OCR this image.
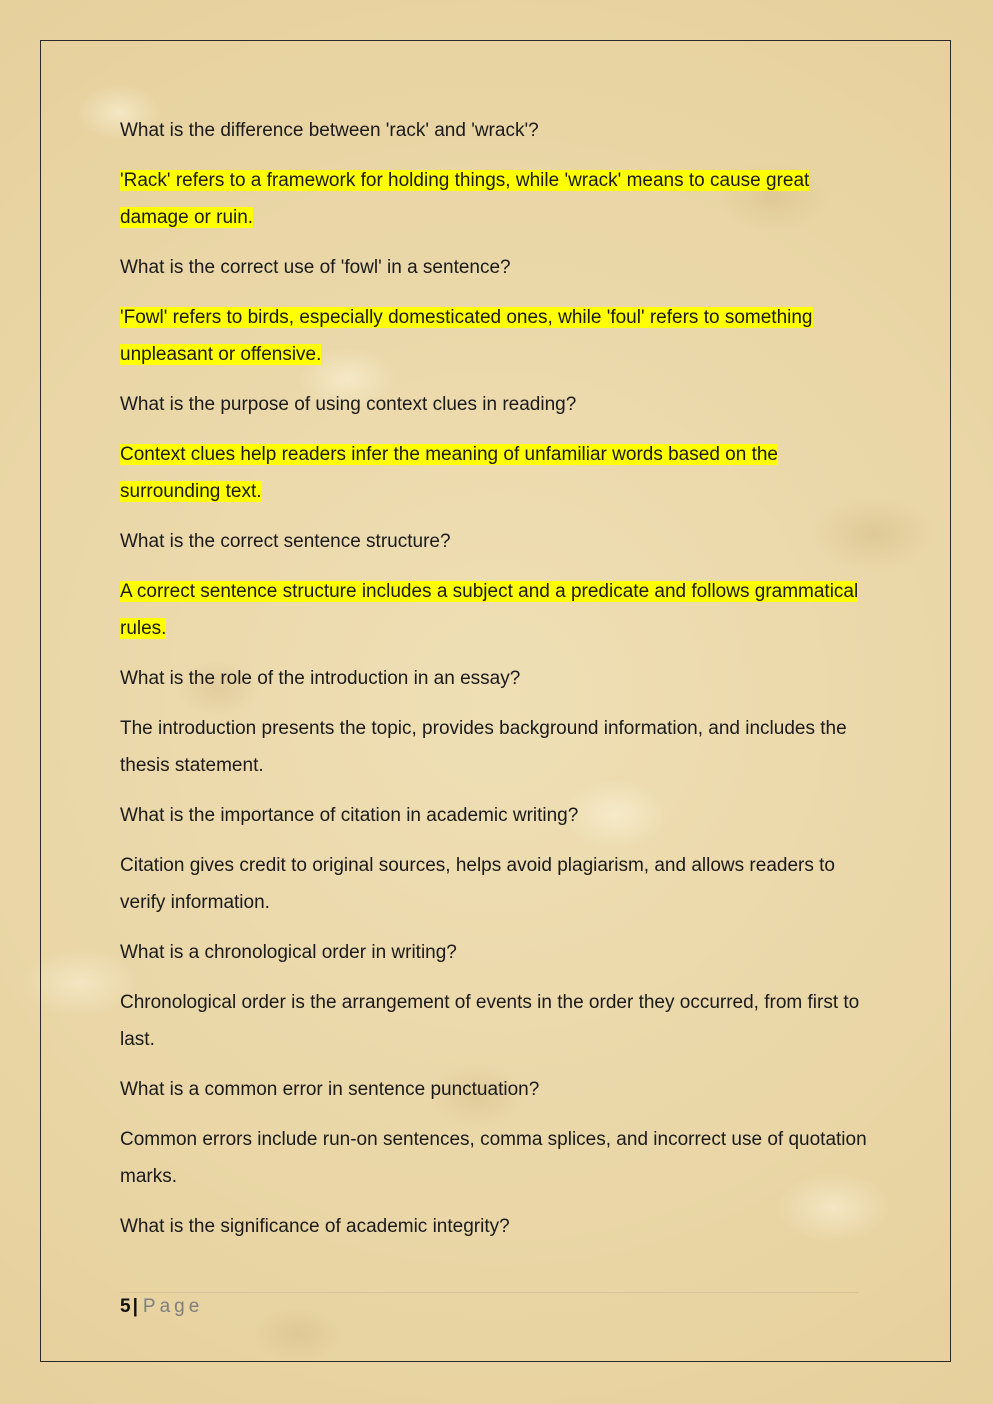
What is the difference between 'rack' and 'wrack'?

'Rack' refers to a framework for holding things, while 'wrack' means to cause great damage or ruin.

What is the correct use of 'fowl' in a sentence?

'Fowl' refers to birds, especially domesticated ones, while 'foul' refers to something unpleasant or offensive.

What is the purpose of using context clues in reading?

Context clues help readers infer the meaning of unfamiliar words based on the surrounding text.

What is the correct sentence structure?

A correct sentence structure includes a subject and a predicate and follows grammatical rules.

What is the role of the introduction in an essay?

The introduction presents the topic, provides background information, and includes the thesis statement.

What is the importance of citation in academic writing?

Citation gives credit to original sources, helps avoid plagiarism, and allows readers to verify information.

What is a chronological order in writing?

Chronological order is the arrangement of events in the order they occurred, from first to last.

What is a common error in sentence punctuation?

Common errors include run-on sentences, comma splices, and incorrect use of quotation marks.

What is the significance of academic integrity?

5 | Page
